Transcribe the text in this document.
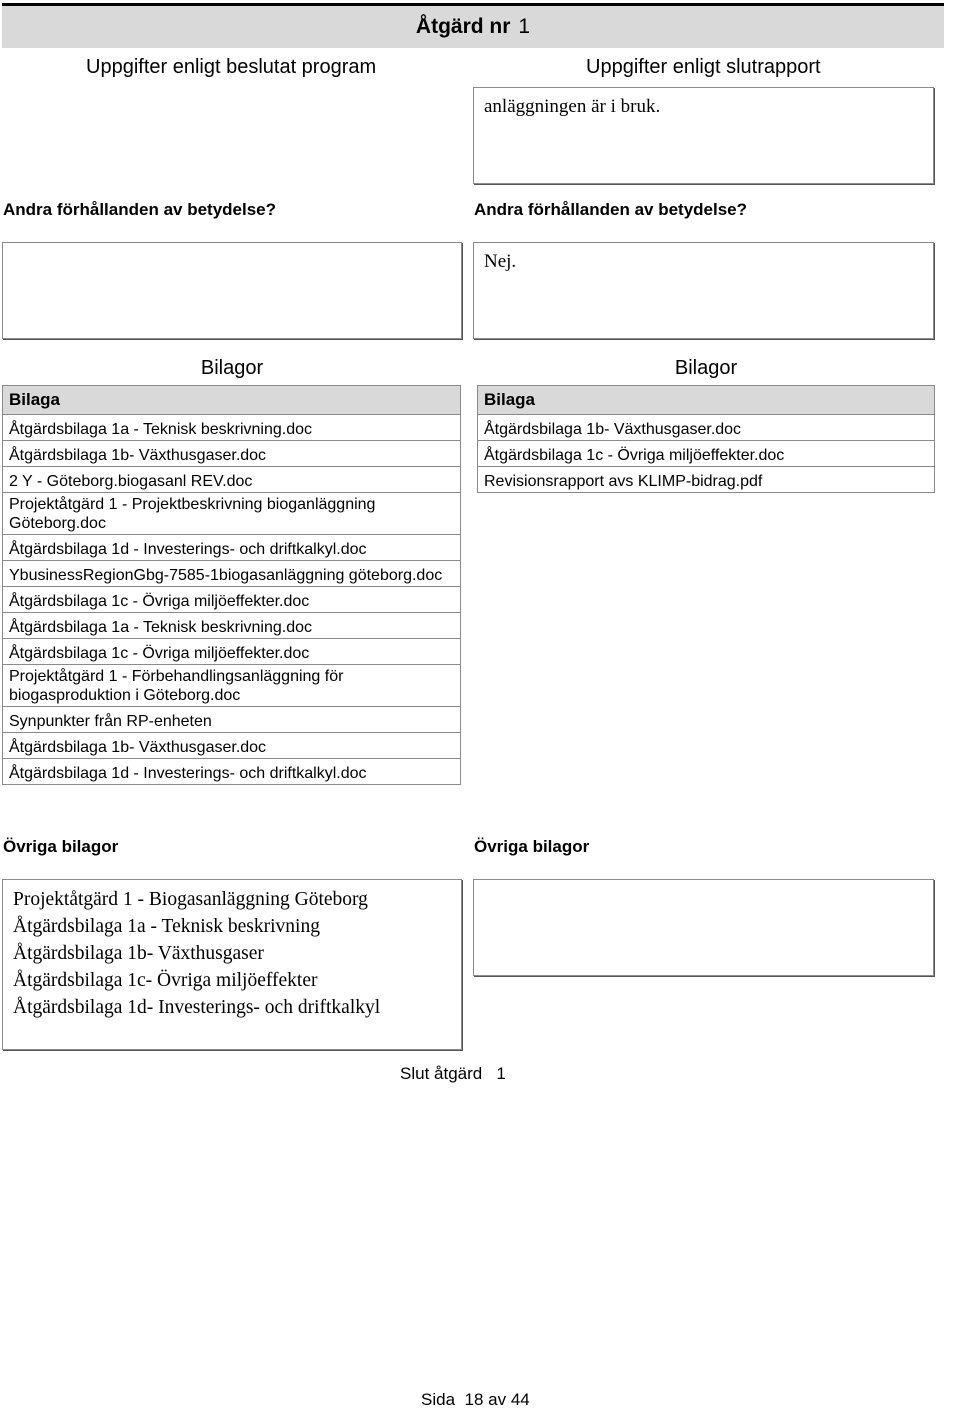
Åtgärd nr 1
Uppgifter enligt beslutat program	Uppgifter enligt slutrapport
anläggningen är i bruk.
Andra förhållanden av betydelse?	Andra förhållanden av betydelse?
Nej.
Bilagor	Bilagor
Bilaga
Åtgärdsbilaga 1a - Teknisk beskrivning.doc
Åtgärdsbilaga 1b- Växthusgaser.doc
2 Y - Göteborg.biogasanl REV.doc
Projektåtgärd 1 - Projektbeskrivning bioganläggning Göteborg.doc
Åtgärdsbilaga 1d - Investerings- och driftkalkyl.doc
YbusinessRegionGbg-7585-1biogasanläggning göteborg.doc
Åtgärdsbilaga 1c - Övriga miljöeffekter.doc
Åtgärdsbilaga 1a - Teknisk beskrivning.doc
Åtgärdsbilaga 1c - Övriga miljöeffekter.doc
Projektåtgärd 1 - Förbehandlingsanläggning för biogasproduktion i Göteborg.doc
Synpunkter från RP-enheten
Åtgärdsbilaga 1b- Växthusgaser.doc
Åtgärdsbilaga 1d - Investerings- och driftkalkyl.doc
Bilaga
Åtgärdsbilaga 1b- Växthusgaser.doc
Åtgärdsbilaga 1c - Övriga miljöeffekter.doc
Revisionsrapport avs KLIMP-bidrag.pdf
Övriga bilagor	Övriga bilagor
Projektåtgärd 1 - Biogasanläggning Göteborg
Åtgärdsbilaga 1a - Teknisk beskrivning
Åtgärdsbilaga 1b- Växthusgaser
Åtgärdsbilaga 1c- Övriga miljöeffekter
Åtgärdsbilaga 1d- Investerings- och driftkalkyl
Slut åtgärd 1
Sida 18 av 44
